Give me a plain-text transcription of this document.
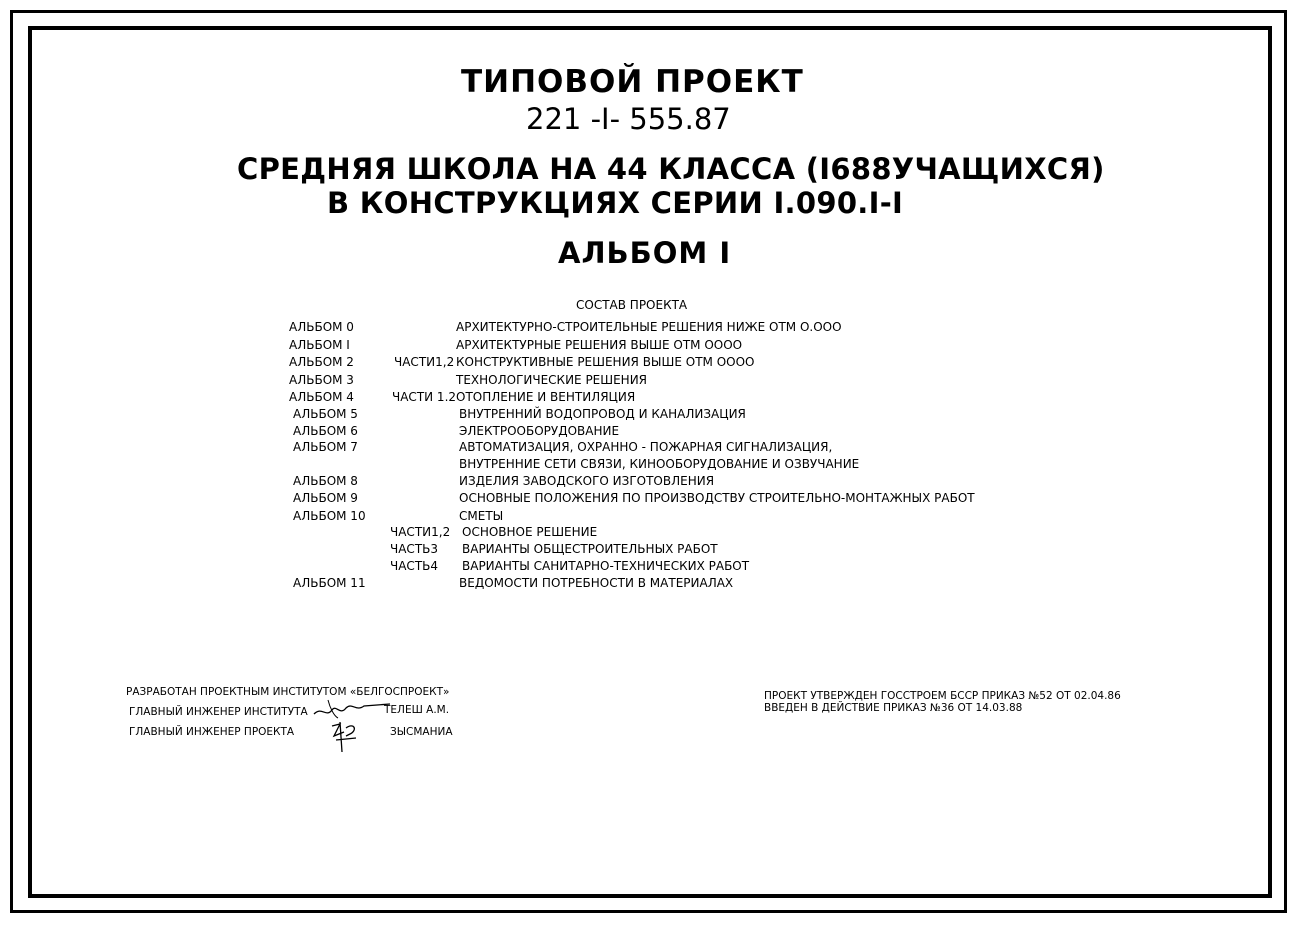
ТИПОВОЙ ПРОЕКТ
221 -I- 555.87
СРЕДНЯЯ ШКОЛА НА 44 КЛАССА (I688УЧАЩИХСЯ)
В КОНСТРУКЦИЯХ СЕРИИ I.090.I-I
АЛЬБОМ I
СОСТАВ ПРОЕКТА
АЛЬБОМ 0	АРХИТЕКТУРНО-СТРОИТЕЛЬНЫЕ РЕШЕНИЯ НИЖЕ ОТМ О.ООО
АЛЬБОМ I	АРХИТЕКТУРНЫЕ РЕШЕНИЯ ВЫШЕ ОТМ ОООО
АЛЬБОМ 2	ЧАСТИ1,2 КОНСТРУКТИВНЫЕ РЕШЕНИЯ ВЫШЕ ОТМ ОООО
АЛЬБОМ 3	ТЕХНОЛОГИЧЕСКИЕ РЕШЕНИЯ
АЛЬБОМ 4	ЧАСТИ 1.2 ОТОПЛЕНИЕ И ВЕНТИЛЯЦИЯ
АЛЬБОМ 5	ВНУТРЕННИЙ ВОДОПРОВОД И КАНАЛИЗАЦИЯ
АЛЬБОМ 6	ЭЛЕКТРООБОРУДОВАНИЕ
АЛЬБОМ 7	АВТОМАТИЗАЦИЯ, ОХРАННО - ПОЖАРНАЯ СИГНАЛИЗАЦИЯ,
ВНУТРЕННИЕ СЕТИ СВЯЗИ, КИНООБОРУДОВАНИЕ И ОЗВУЧАНИЕ
АЛЬБОМ 8	ИЗДЕЛИЯ ЗАВОДСКОГО ИЗГОТОВЛЕНИЯ
АЛЬБОМ 9	ОСНОВНЫЕ ПОЛОЖЕНИЯ ПО ПРОИЗВОДСТВУ СТРОИТЕЛЬНО-МОНТАЖНЫХ РАБОТ
АЛЬБОМ 10	СМЕТЫ
ЧАСТИ1,2 ОСНОВНОЕ РЕШЕНИЕ
ЧАСТЬ3 ВАРИАНТЫ ОБЩЕСТРОИТЕЛЬНЫХ РАБОТ
ЧАСТЬ4 ВАРИАНТЫ САНИТАРНО-ТЕХНИЧЕСКИХ РАБОТ
АЛЬБОМ 11	ВЕДОМОСТИ ПОТРЕБНОСТИ В МАТЕРИАЛАХ
РАЗРАБОТАН ПРОЕКТНЫМ ИНСТИТУТОМ «БЕЛГОСПРОЕКТ»
ГЛАВНЫЙ ИНЖЕНЕР ИНСТИТУТА	ТЕЛЕШ А.М.
ГЛАВНЫЙ ИНЖЕНЕР ПРОЕКТА	ЗЫСМАНИА
ПРОЕКТ УТВЕРЖДЕН ГОССТРОЕМ БССР ПРИКАЗ №52 ОТ 02.04.86
ВВЕДЕН В ДЕЙСТВИЕ ПРИКАЗ №36 ОТ 14.03.88
